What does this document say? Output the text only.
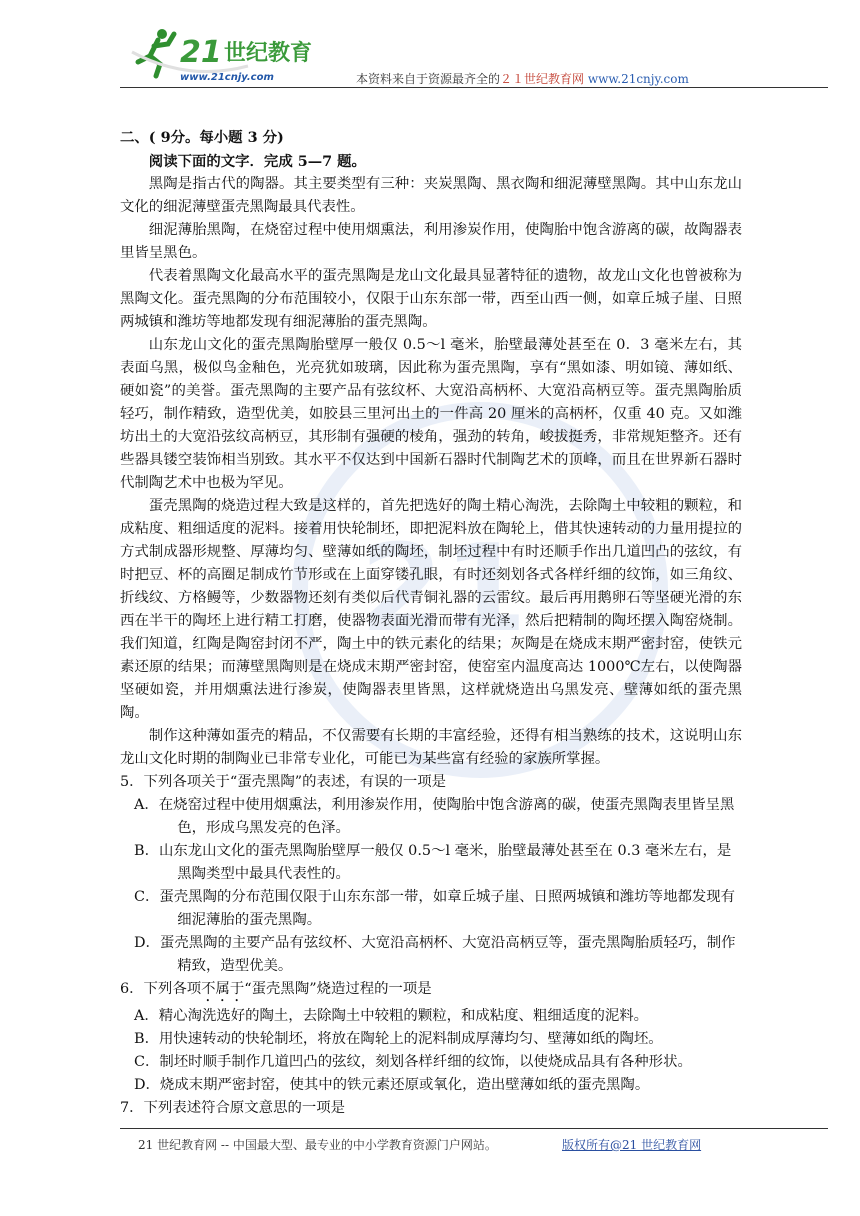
21 世纪教育
www.21cnjy.com	本资料来自于资源最齐全的２１世纪教育网 www.21cnjy.com
21

二、( 9分。每小题 3 分)

阅读下面的文字．完成 5—7 题。

黑陶是指古代的陶器。其主要类型有三种：夹炭黑陶、黑衣陶和细泥薄壁黑陶。其中山东龙山文化的细泥薄壁蛋壳黑陶最具代表性。

细泥薄胎黑陶，在烧窑过程中使用烟熏法，利用渗炭作用，使陶胎中饱含游离的碳，故陶器表里皆呈黑色。

代表着黑陶文化最高水平的蛋壳黑陶是龙山文化最具显著特征的遗物，故龙山文化也曾被称为黑陶文化。蛋壳黑陶的分布范围较小，仅限于山东东部一带，西至山西一侧，如章丘城子崖、日照两城镇和潍坊等地都发现有细泥薄胎的蛋壳黑陶。

山东龙山文化的蛋壳黑陶胎壁厚一般仅 0.5～l 毫米，胎壁最薄处甚至在 0．3 毫米左右，其表面乌黑，极似鸟金釉色，光亮犹如玻璃，因此称为蛋壳黑陶，享有“黑如漆、明如镜、薄如纸、硬如瓷”的美誉。蛋壳黑陶的主要产品有弦纹杯、大宽沿高柄杯、大宽沿高柄豆等。蛋壳黑陶胎质轻巧，制作精致，造型优美，如胶县三里河出土的一件高 20 厘米的高柄杯，仅重 40 克。又如潍坊出土的大宽沿弦纹高柄豆，其形制有强硬的棱角，强劲的转角，峻拔挺秀，非常规矩整齐。还有些器具镂空装饰相当别致。其水平不仅达到中国新石器时代制陶艺术的顶峰，而且在世界新石器时代制陶艺术中也极为罕见。

蛋壳黑陶的烧造过程大致是这样的，首先把选好的陶土精心淘洗，去除陶土中较粗的颗粒，和成粘度、粗细适度的泥料。接着用快轮制坯，即把泥料放在陶轮上，借其快速转动的力量用提拉的方式制成器形规整、厚薄均匀、壁薄如纸的陶坯，制坯过程中有时还顺手作出几道凹凸的弦纹，有时把豆、杯的高圈足制成竹节形或在上面穿镂孔眼，有时还刻划各式各样纤细的纹饰，如三角纹、折线纹、方格鳗等，少数器物还刻有类似后代青铜礼器的云雷纹。最后再用鹅卵石等坚硬光滑的东西在半干的陶坯上进行精工打磨，使器物表面光滑而带有光泽，然后把精制的陶坯摆入陶窑烧制。我们知道，红陶是陶窑封闭不严，陶土中的铁元素化的结果；灰陶是在烧成末期严密封窑，使铁元素还原的结果；而薄壁黑陶则是在烧成末期严密封窑，使窑室内温度高达 1000℃左右，以使陶器坚硬如瓷，并用烟熏法进行渗炭，使陶器表里皆黑，这样就烧造出乌黑发亮、壁薄如纸的蛋壳黑陶。

制作这种薄如蛋壳的精品，不仅需要有长期的丰富经验，还得有相当熟练的技术，这说明山东龙山文化时期的制陶业已非常专业化，可能已为某些富有经验的家族所掌握。

5．下列各项关于“蛋壳黑陶”的表述，有误的一项是

A．在烧窑过程中使用烟熏法，利用渗炭作用，使陶胎中饱含游离的碳，使蛋壳黑陶表里皆呈黑色，形成乌黑发亮的色泽。

B．山东龙山文化的蛋壳黑陶胎壁厚一般仅 0.5～l 毫米，胎壁最薄处甚至在 0.3 毫米左右，是黑陶类型中最具代表性的。

C．蛋壳黑陶的分布范围仅限于山东东部一带，如章丘城子崖、日照两城镇和潍坊等地都发现有细泥薄胎的蛋壳黑陶。

D．蛋壳黑陶的主要产品有弦纹杯、大宽沿高柄杯、大宽沿高柄豆等，蛋壳黑陶胎质轻巧，制作精致，造型优美。

6．下列各项不属于“蛋壳黑陶”烧造过程的一项是

A．精心淘洗选好的陶土，去除陶土中较粗的颗粒，和成粘度、粗细适度的泥料。

B．用快速转动的快轮制坯，将放在陶轮上的泥料制成厚薄均匀、壁薄如纸的陶坯。

C．制坯时顺手制作几道凹凸的弦纹，刻划各样纤细的纹饰，以使烧成品具有各种形状。

D．烧成末期严密封窑，使其中的铁元素还原或氧化，造出壁薄如纸的蛋壳黑陶。

7．下列表述符合原文意思的一项是

21 世纪教育网 -- 中国最大型、最专业的中小学教育资源门户网站。	版权所有@21 世纪教育网
